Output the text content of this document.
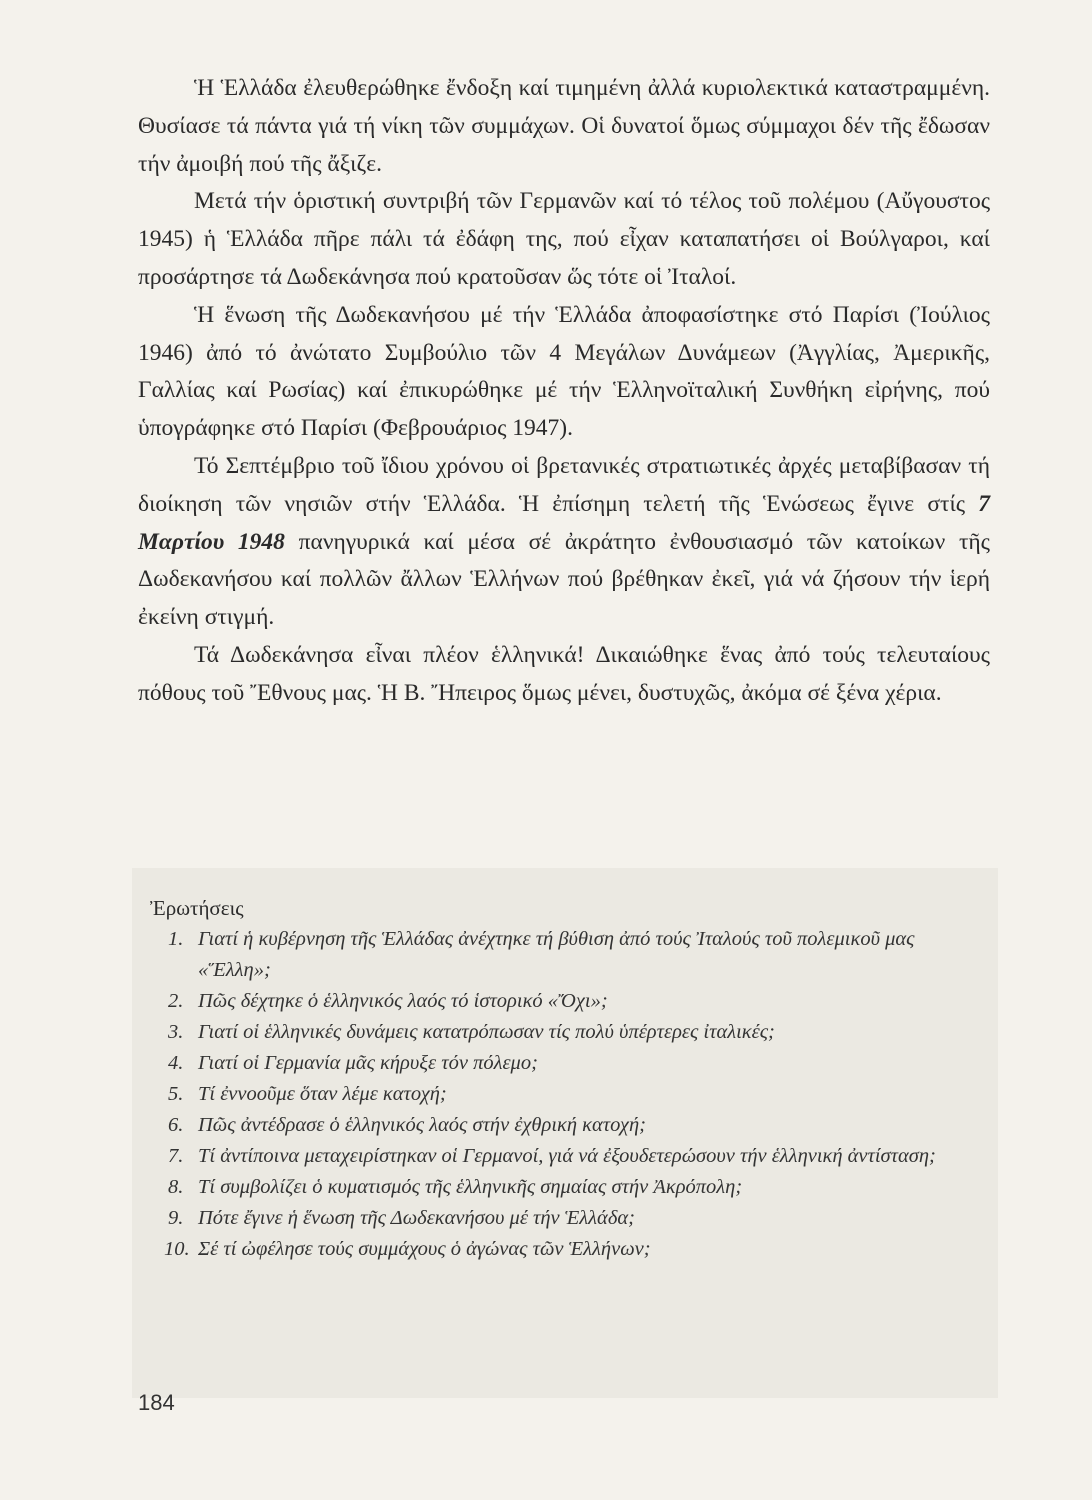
Ἡ Ἑλλάδα ἐλευθερώθηκε ἔνδοξη καί τιμημένη ἀλλά κυριολεκτικά καταστραμμένη. Θυσίασε τά πάντα γιά τή νίκη τῶν συμμάχων. Οἱ δυνατοί ὅμως σύμμαχοι δέν τῆς ἔδωσαν τήν ἀμοιβή πού τῆς ἄξιζε.

Μετά τήν ὁριστική συντριβή τῶν Γερμανῶν καί τό τέλος τοῦ πολέμου (Αὔγουστος 1945) ἡ Ἑλλάδα πῆρε πάλι τά ἐδάφη της, πού εἶχαν καταπατήσει οἱ Βούλγαροι, καί προσάρτησε τά Δωδεκάνησα πού κρατοῦσαν ὥς τότε οἱ Ἰταλοί.

Ἡ ἕνωση τῆς Δωδεκανήσου μέ τήν Ἑλλάδα ἀποφασίστηκε στό Παρίσι (Ἰούλιος 1946) ἀπό τό ἀνώτατο Συμβούλιο τῶν 4 Μεγάλων Δυνάμεων (Ἀγγλίας, Ἀμερικῆς, Γαλλίας καί Ρωσίας) καί ἐπικυρώθηκε μέ τήν Ἑλληνοϊταλική Συνθήκη εἰρήνης, πού ὑπογράφηκε στό Παρίσι (Φεβρουάριος 1947).

Τό Σεπτέμβριο τοῦ ἴδιου χρόνου οἱ βρετανικές στρατιωτικές ἀρχές μεταβίβασαν τή διοίκηση τῶν νησιῶν στήν Ἑλλάδα. Ἡ ἐπίσημη τελετή τῆς Ἑνώσεως ἔγινε στίς 7 Μαρτίου 1948 πανηγυρικά καί μέσα σέ ἀκράτητο ἐνθουσιασμό τῶν κατοίκων τῆς Δωδεκανήσου καί πολλῶν ἄλλων Ἑλλήνων πού βρέθηκαν ἐκεῖ, γιά νά ζήσουν τήν ἱερή ἐκείνη στιγμή.

Τά Δωδεκάνησα εἶναι πλέον ἑλληνικά! Δικαιώθηκε ἕνας ἀπό τούς τελευταίους πόθους τοῦ Ἔθνους μας. Ἡ Β. Ἤπειρος ὅμως μένει, δυστυχῶς, ἀκόμα σέ ξένα χέρια.

Ἐρωτήσεις
1. Γιατί ἡ κυβέρνηση τῆς Ἑλλάδας ἀνέχτηκε τή βύθιση ἀπό τούς Ἰταλούς τοῦ πολεμικοῦ μας «Ἕλλη»;
2. Πῶς δέχτηκε ὁ ἑλληνικός λαός τό ἱστορικό «Ὄχι»;
3. Γιατί οἱ ἑλληνικές δυνάμεις κατατρόπωσαν τίς πολύ ὑπέρτερες ἰταλικές;
4. Γιατί οἱ Γερμανία μᾶς κήρυξε τόν πόλεμο;
5. Τί ἐννοοῦμε ὅταν λέμε κατοχή;
6. Πῶς ἀντέδρασε ὁ ἑλληνικός λαός στήν ἐχθρική κατοχή;
7. Τί ἀντίποινα μεταχειρίστηκαν οἱ Γερμανοί, γιά νά ἐξουδετερώσουν τήν ἑλληνική ἀντίσταση;
8. Τί συμβολίζει ὁ κυματισμός τῆς ἑλληνικῆς σημαίας στήν Ἀκρόπολη;
9. Πότε ἔγινε ἡ ἕνωση τῆς Δωδεκανήσου μέ τήν Ἑλλάδα;
10. Σέ τί ὠφέλησε τούς συμμάχους ὁ ἀγώνας τῶν Ἑλλήνων;
184
